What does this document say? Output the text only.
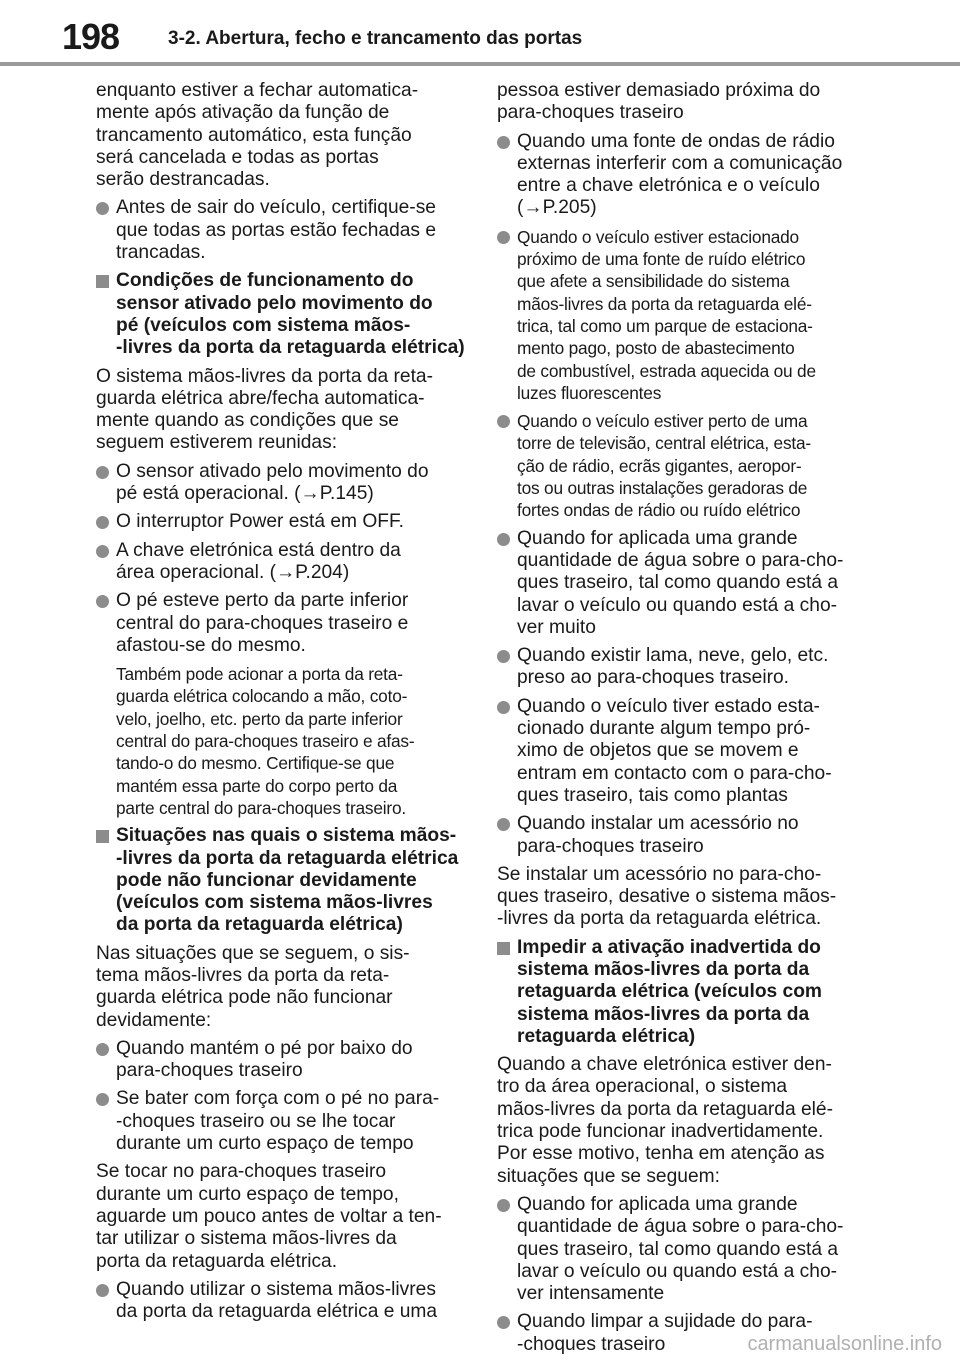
198	3-2. Abertura, fecho e trancamento das portas
enquanto estiver a fechar automatica-
mente após ativação da função de
trancamento automático, esta função
será cancelada e todas as portas
serão destrancadas.
Antes de sair do veículo, certifique-se
que todas as portas estão fechadas e
trancadas.
Condições de funcionamento do
sensor ativado pelo movimento do
pé (veículos com sistema mãos-
-livres da porta da retaguarda elétrica)
O sistema mãos-livres da porta da reta-
guarda elétrica abre/fecha automatica-
mente quando as condições que se
seguem estiverem reunidas:
O sensor ativado pelo movimento do
pé está operacional. (→P.145)
O interruptor Power está em OFF.
A chave eletrónica está dentro da
área operacional. (→P.204)
O pé esteve perto da parte inferior
central do para-choques traseiro e
afastou-se do mesmo.
Também pode acionar a porta da reta-
guarda elétrica colocando a mão, coto-
velo, joelho, etc. perto da parte inferior
central do para-choques traseiro e afas-
tando-o do mesmo. Certifique-se que
mantém essa parte do corpo perto da
parte central do para-choques traseiro.
Situações nas quais o sistema mãos-
-livres da porta da retaguarda elétrica
pode não funcionar devidamente
(veículos com sistema mãos-livres
da porta da retaguarda elétrica)
Nas situações que se seguem, o sis-
tema mãos-livres da porta da reta-
guarda elétrica pode não funcionar
devidamente:
Quando mantém o pé por baixo do
para-choques traseiro
Se bater com força com o pé no para-
-choques traseiro ou se lhe tocar
durante um curto espaço de tempo
Se tocar no para-choques traseiro
durante um curto espaço de tempo,
aguarde um pouco antes de voltar a ten-
tar utilizar o sistema mãos-livres da
porta da retaguarda elétrica.
Quando utilizar o sistema mãos-livres
da porta da retaguarda elétrica e uma
pessoa estiver demasiado próxima do
para-choques traseiro
Quando uma fonte de ondas de rádio
externas interferir com a comunicação
entre a chave eletrónica e o veículo
(→P.205)
Quando o veículo estiver estacionado
próximo de uma fonte de ruído elétrico
que afete a sensibilidade do sistema
mãos-livres da porta da retaguarda elé-
trica, tal como um parque de estaciona-
mento pago, posto de abastecimento
de combustível, estrada aquecida ou de
luzes fluorescentes
Quando o veículo estiver perto de uma
torre de televisão, central elétrica, esta-
ção de rádio, ecrãs gigantes, aeropor-
tos ou outras instalações geradoras de
fortes ondas de rádio ou ruído elétrico
Quando for aplicada uma grande
quantidade de água sobre o para-cho-
ques traseiro, tal como quando está a
lavar o veículo ou quando está a cho-
ver muito
Quando existir lama, neve, gelo, etc.
preso ao para-choques traseiro.
Quando o veículo tiver estado esta-
cionado durante algum tempo pró-
ximo de objetos que se movem e
entram em contacto com o para-cho-
ques traseiro, tais como plantas
Quando instalar um acessório no
para-choques traseiro
Se instalar um acessório no para-cho-
ques traseiro, desative o sistema mãos-
-livres da porta da retaguarda elétrica.
Impedir a ativação inadvertida do
sistema mãos-livres da porta da
retaguarda elétrica (veículos com
sistema mãos-livres da porta da
retaguarda elétrica)
Quando a chave eletrónica estiver den-
tro da área operacional, o sistema
mãos-livres da porta da retaguarda elé-
trica pode funcionar inadvertidamente.
Por esse motivo, tenha em atenção as
situações que se seguem:
Quando for aplicada uma grande
quantidade de água sobre o para-cho-
ques traseiro, tal como quando está a
lavar o veículo ou quando está a cho-
ver intensamente
Quando limpar a sujidade do para-
-choques traseiro	carmanualsonline.info
